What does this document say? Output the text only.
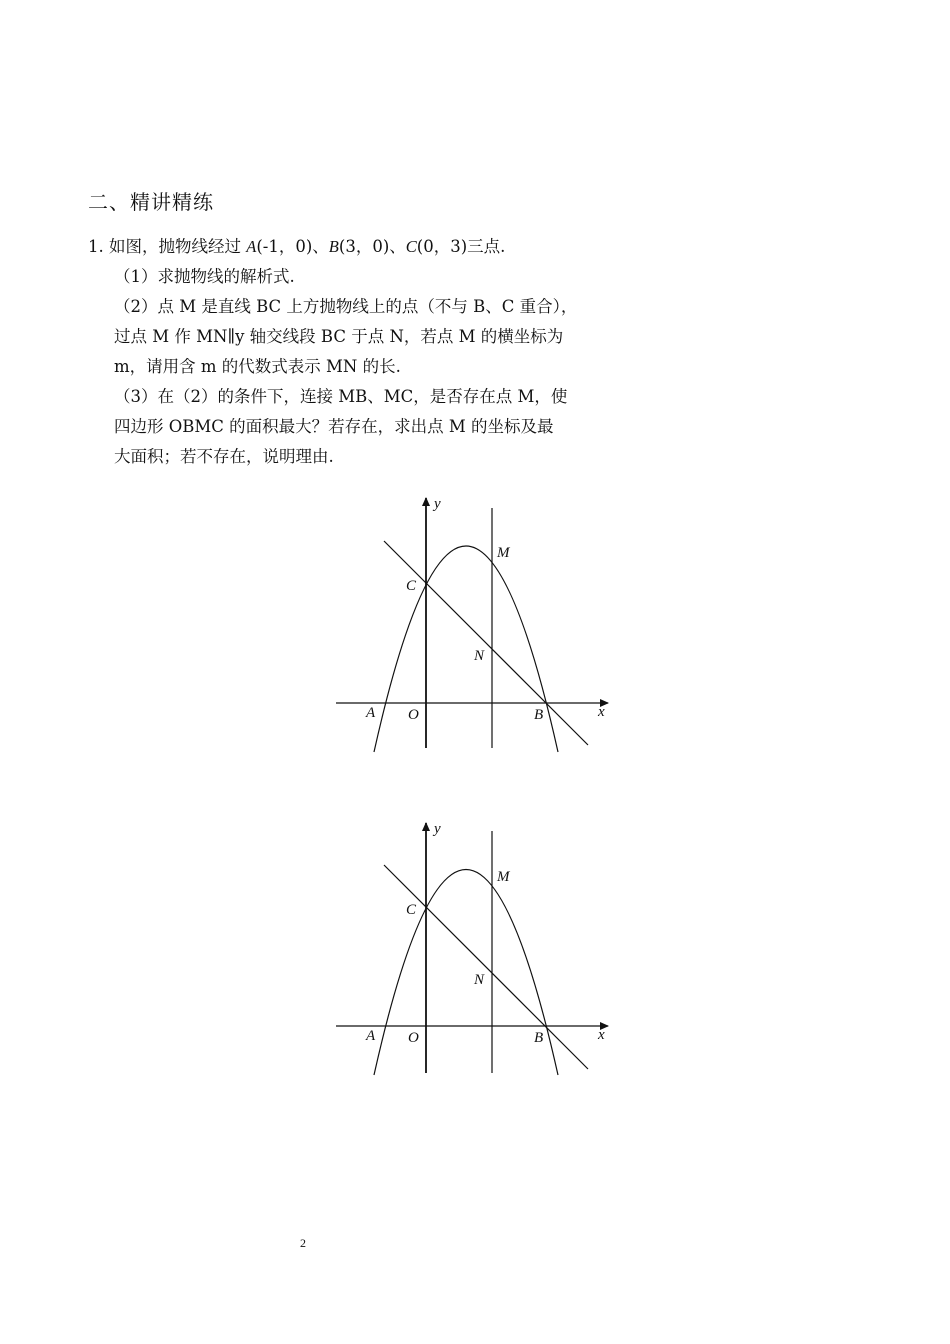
二、精讲精练
1. 如图，抛物线经过 A(-1，0)、B(3，0)、C(0，3)三点.
（1）求抛物线的解析式.
（2）点 M 是直线 BC 上方抛物线上的点（不与 B、C 重合），
过点 M 作 MN∥y 轴交线段 BC 于点 N，若点 M 的横坐标为
m，请用含 m 的代数式表示 MN 的长.
（3）在（2）的条件下，连接 MB、MC，是否存在点 M，使
四边形 OBMC 的面积最大？若存在，求出点 M 的坐标及最
大面积；若不存在，说明理由.
y
x
M
C
N
A O	B
y
x
M
C
N
A O	B
2
